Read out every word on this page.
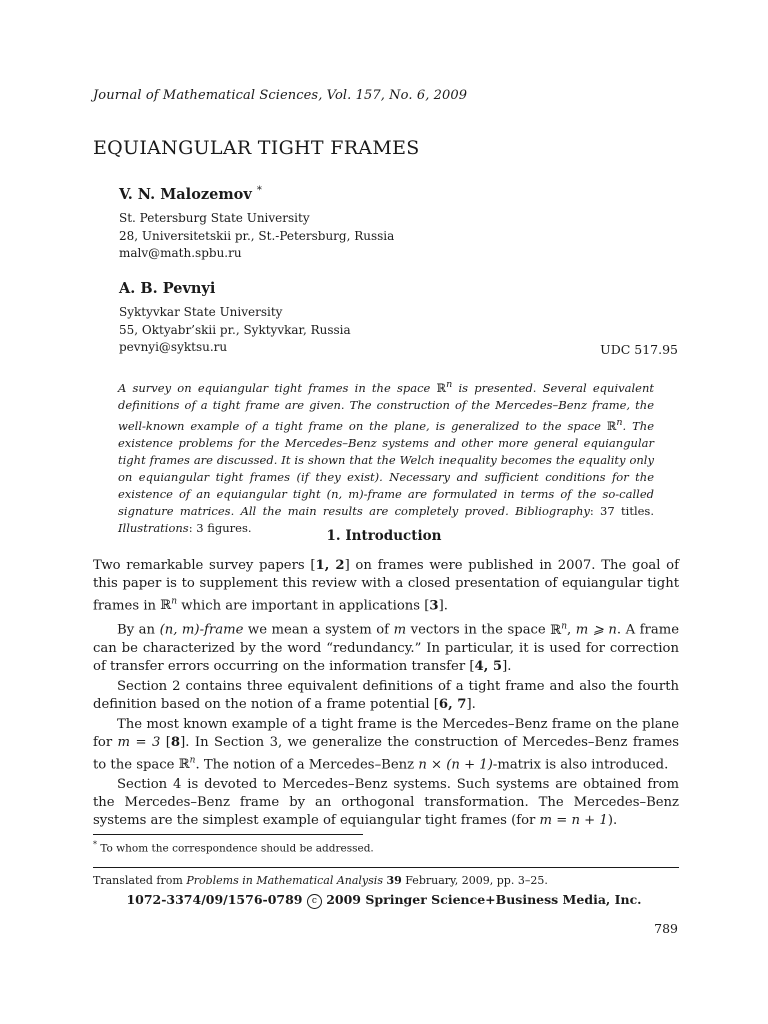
Journal of Mathematical Sciences, Vol. 157, No. 6, 2009
EQUIANGULAR TIGHT FRAMES
V. N. Malozemov *
St. Petersburg State University
28, Universitetskii pr., St.-Petersburg, Russia
malv@math.spbu.ru
A. B. Pevnyi
Syktyvkar State University
55, Oktyabr’skii pr., Syktyvkar, Russia
pevnyi@syktsu.ru	UDC 517.95
A survey on equiangular tight frames in the space ℝ$^n$ is presented. Several equivalent definitions of a tight frame are given. The construction of the Mercedes–Benz frame, the well-known example of a tight frame on the plane, is generalized to the space ℝ$^n$. The existence problems for the Mercedes–Benz systems and other more general equiangular tight frames are discussed. It is shown that the Welch inequality becomes the equality only on equiangular tight frames (if they exist). Necessary and sufficient conditions for the existence of an equiangular tight (n, m)-frame are formulated in terms of the so-called signature matrices. All the main results are completely proved. Bibliography: 37 titles. Illustrations: 3 figures.
1. Introduction

Two remarkable survey papers [1, 2] on frames were published in 2007. The goal of this paper is to supplement this review with a closed presentation of equiangular tight frames in ℝ$^n$ which are important in applications [3].

By an (n, m)-frame we mean a system of m vectors in the space ℝ$^n$, m ⩾ n. A frame can be characterized by the word “redundancy.” In particular, it is used for correction of transfer errors occurring on the information transfer [4, 5].

Section 2 contains three equivalent definitions of a tight frame and also the fourth definition based on the notion of a frame potential [6, 7].

The most known example of a tight frame is the Mercedes–Benz frame on the plane for m = 3 [8]. In Section 3, we generalize the construction of Mercedes–Benz frames to the space ℝ$^n$. The notion of a Mercedes–Benz n × (n + 1)-matrix is also introduced.

Section 4 is devoted to Mercedes–Benz systems. Such systems are obtained from the Mercedes–Benz frame by an orthogonal transformation. The Mercedes–Benz systems are the simplest example of equiangular tight frames (for m = n + 1).

* To whom the correspondence should be addressed.
Translated from Problems in Mathematical Analysis 39 February, 2009, pp. 3–25.
1072-3374/09/1576-0789 c 2009 Springer Science+Business Media, Inc.
789
